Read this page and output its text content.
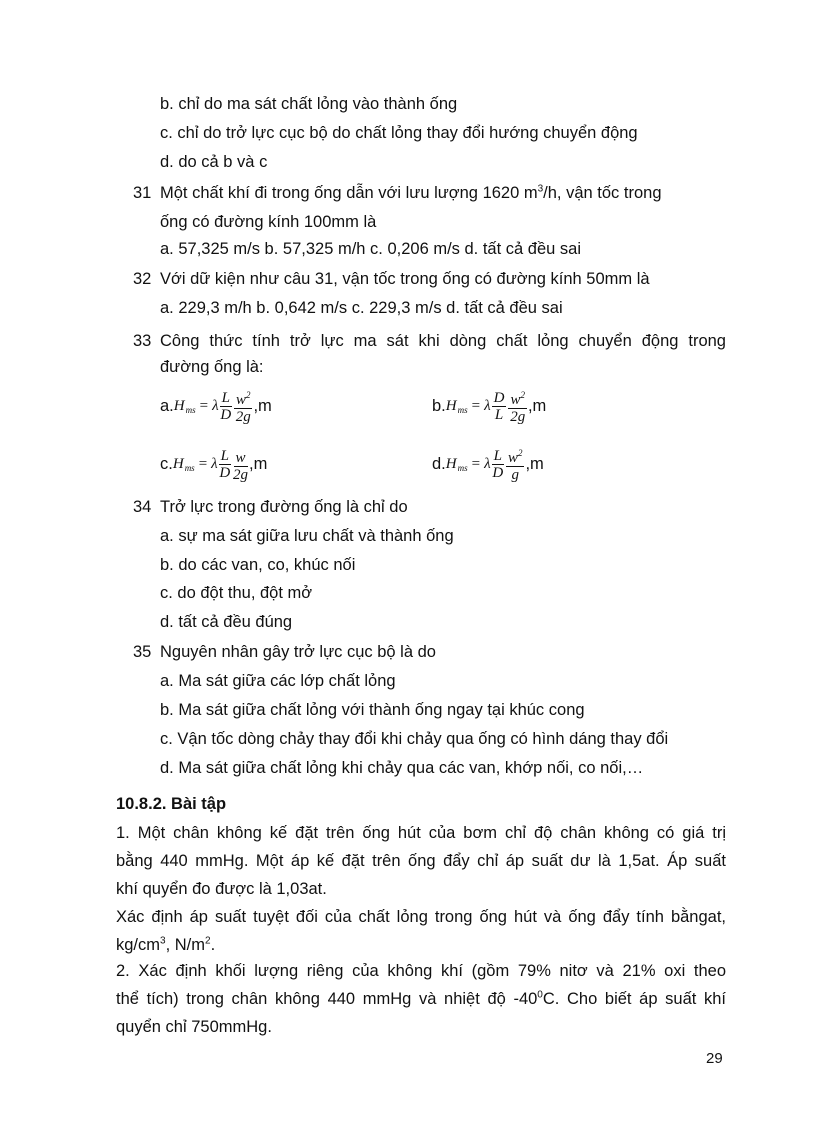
b. chỉ do ma sát chất lỏng vào thành ống
c. chỉ do trở lực cục bộ do chất lỏng thay đổi hướng chuyển động
d. do cả b và c
31 Một chất khí đi trong ống dẫn với lưu lượng 1620 $m^3/h$, vận tốc trong
ống có đường kính 100mm là
a. 57,325 m/s b. 57,325 m/h c. 0,206 m/s d. tất cả đều sai
32 Với dữ kiện như câu 31, vận tốc trong ống có đường kính 50mm là
a. 229,3 m/h b. 0,642 m/s c. 229,3 m/s d. tất cả đều sai
33 Công thức tính trở lực ma sát khi dòng chất lỏng chuyển động trong
đường ống là:
a. H ms = λ $\frac{L}{D} \frac{w^2}{2g} ,m$	b. H ms = λ $\frac{D}{L} \frac{w^2}{2g} ,m$
c. H ms = λ $\frac{L}{D} \frac{w}{2g} ,m$	d. H ms = λ $\frac{L}{D} \frac{w^2}{g} ,m$
34 Trở lực trong đường ống là chỉ do
a. sự ma sát giữa lưu chất và thành ống
b. do các van, co, khúc nối
c. do đột thu, đột mở
d. tất cả đều đúng
35 Nguyên nhân gây trở lực cục bộ là do
a. Ma sát giữa các lớp chất lỏng
b. Ma sát giữa chất lỏng với thành ống ngay tại khúc cong
c. Vận tốc dòng chảy thay đổi khi chảy qua ống có hình dáng thay đổi
d. Ma sát giữa chất lỏng khi chảy qua các van, khớp nối, co nối,…
10.8.2. Bài tập
1. Một chân không kế đặt trên ống hút của bơm chỉ độ chân không có giá trị
bằng 440 mmHg. Một áp kế đặt trên ống đẩy chỉ áp suất dư là 1,5at. Áp suất
khí quyển đo được là 1,03at.
Xác định áp suất tuyệt đối của chất lỏng trong ống hút và ống đẩy tính bằngat,
$kg/cm^3$, $N/m^2$.
2. Xác định khối lượng riêng của không khí (gồm 79% nitơ và 21% oxi theo
thể tích) trong chân không 440 mmHg và nhiệt độ $-40^0C$. Cho biết áp suất khí
quyển chỉ 750mmHg.
29
